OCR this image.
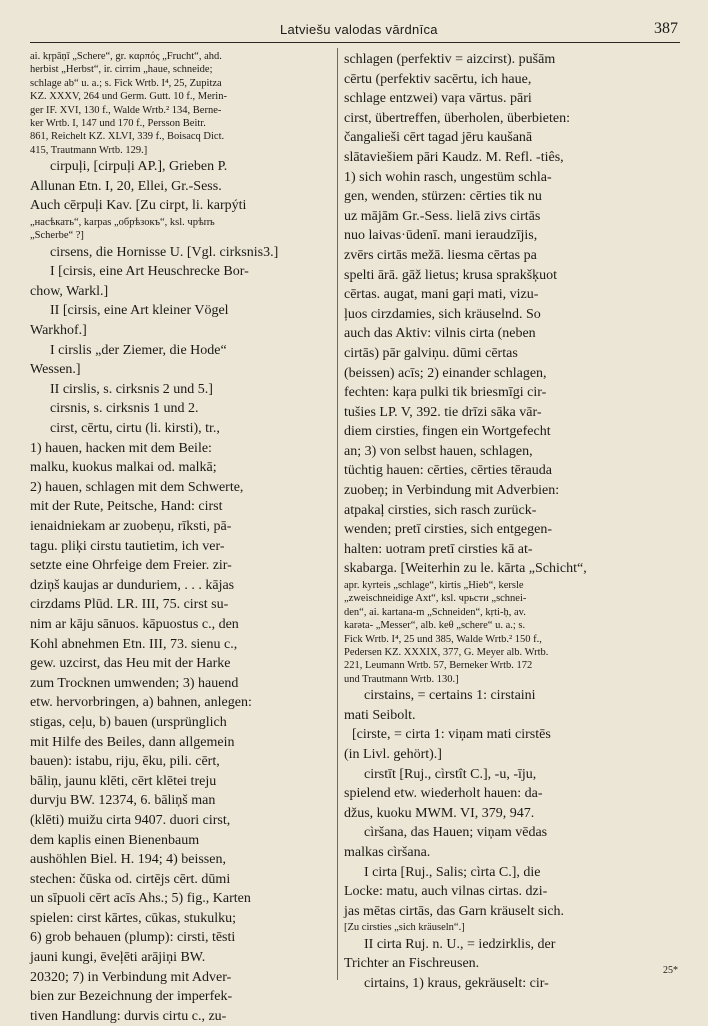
Latviešu valodas vārdnīca	387
ai. kṛpāṇī „Schere“, gr. καρπός „Frucht“, ahd.
herbist „Herbst“, ir. cirrim „haue, schneide;
schlage ab“ u. a.; s. Fick Wrtb. I⁴, 25, Zupitza
KZ. XXXV, 264 und Germ. Gutt. 10 f., Merin-
ger IF. XVI, 130 f., Walde Wrtb.² 134, Berne-
ker Wrtb. I, 147 und 170 f., Persson Beitr.
861, Reichelt KZ. XLVI, 339 f., Boisacq Dict.
415, Trautmann Wrtb. 129.]
cirpuļi, [cirpuļi AP.], Grieben P.
Allunan Etn. I, 20, Ellei, Gr.-Sess.
Auch cērpuļi Kav. [Zu cirpt, li. karpýti
„насѣкать“, karpas „обрѣзокъ“, ksl. чрѣпъ
„Scherbe“ ?]
cirsens, die Hornisse U. [Vgl. cirksnis3.]
I [cirsis, eine Art Heuschrecke Bor-
chow, Warkl.]
II [cirsis, eine Art kleiner Vögel
Warkhof.]
I cirslis „der Ziemer, die Hode“
Wessen.]
II cirslis, s. cirksnis 2 und 5.]
cirsnis, s. cirksnis 1 und 2.
cirst, cērtu, cirtu (li. kirsti), tr.,
1) hauen, hacken mit dem Beile:
malku, kuokus malkai od. malkā;
2) hauen, schlagen mit dem Schwerte,
mit der Rute, Peitsche, Hand: cirst
ienaidniekam ar zuobeņu, rīksti, pā-
tagu. pliķi cirstu tautietim, ich ver-
setzte eine Ohrfeige dem Freier. zir-
dziņš kaujas ar dunduriem, . . . kājas
cirzdams Plūd. LR. III, 75. cirst su-
nim ar kāju sānuos. kāpuostus c., den
Kohl abnehmen Etn. III, 73. sienu c.,
gew. uzcirst, das Heu mit der Harke
zum Trocknen umwenden; 3) hauend
etw. hervorbringen, a) bahnen, anlegen:
stigas, ceļu, b) bauen (ursprünglich
mit Hilfe des Beiles, dann allgemein
bauen): istabu, riju, ēku, pili. cērt,
bāliņ, jaunu klēti, cērt klētei treju
durvju BW. 12374, 6. bāliņš man
(klēti) muižu cirta 9407. duori cirst,
dem kaplis einen Bienenbaum
aushöhlen Biel. H. 194; 4) beissen,
stechen: čūska od. cirtējs cērt. dūmi
un sīpuoli cērt acīs Ahs.; 5) fig., Karten
spielen: cirst kārtes, cūkas, stukulku;
6) grob behauen (plump): cirsti, tēsti
jauni kungi, ēveļēti arājiņi BW.
20320; 7) in Verbindung mit Adver-
bien zur Bezeichnung der imperfek-
tiven Handlung: durvis cirtu c., zu-
schlagen (perfektiv = aizcirst). pušām
cērtu (perfektiv sacērtu, ich haue,
schlage entzwei) vaŗa vārtus. pāri
cirst, übertreffen, überholen, überbieten:
čangalieši cērt tagad jēru kaušanā
slātaviešiem pāri Kaudz. M. Refl. -tiês,
1) sich wohin rasch, ungestüm schla-
gen, wenden, stürzen: cērties tik nu
uz mājām Gr.-Sess. lielā zivs cirtās
nuo laivas·ūdenī. mani ieraudzījis,
zvērs cirtās mežā. liesma cērtas pa
spelti ārā. gāž lietus; krusa sprakšķuot
cērtas. augat, mani gaŗi mati, vizu-
ļuos cirzdamies, sich kräuselnd. So
auch das Aktiv: vilnis cirta (neben
cirtās) pār galviņu. dūmi cērtas
(beissen) acīs; 2) einander schlagen,
fechten: kaŗa pulki tik briesmīgi cir-
tušies LP. V, 392. tie drīzi sāka vār-
diem cirsties, fingen ein Wortgefecht
an; 3) von selbst hauen, schlagen,
tüchtig hauen: cērties, cērties tērauda
zuobeņ; in Verbindung mit Adverbien:
atpakaļ cirsties, sich rasch zurück-
wenden; pretī cirsties, sich entgegen-
halten: uotram pretī cirsties kā at-
skabarga. [Weiterhin zu le. kārta „Schicht“,
apr. kyrteis „schlage“, kirtis „Hieb“, kersle
„zweischneidige Axt“, ksl. чрьсти „schnei-
den“, ai. kartana-m „Schneiden“, kṛti-ḥ, av.
karəta- „Messer“, alb. keθ „schere“ u. a.; s.
Fick Wrtb. I⁴, 25 und 385, Walde Wrtb.² 150 f.,
Pedersen KZ. XXXIX, 377, G. Meyer alb. Wrtb.
221, Leumann Wrtb. 57, Berneker Wrtb. 172
und Trautmann Wrtb. 130.]
cirstains, = certains 1: cirstaini
mati Seibolt.
[cirste, = cirta 1: viņam mati cirstēs
(in Livl. gehört).]
cirstīt [Ruj., cìrstît C.], -u, -īju,
spielend etw. wiederholt hauen: da-
džus, kuoku MWM. VI, 379, 947.
cìršana, das Hauen; viņam vēdas
malkas cìršana.
I cirta [Ruj., Salis; cìrta C.], die
Locke: matu, auch vilnas cirtas. dzi-
jas mētas cirtās, das Garn kräuselt sich.
[Zu cirsties „sich kräuseln“.]
II cirta Ruj. n. U., = iedzirklis, der
Trichter an Fischreusen.
cirtains, 1) kraus, gekräuselt: cir-
25*
